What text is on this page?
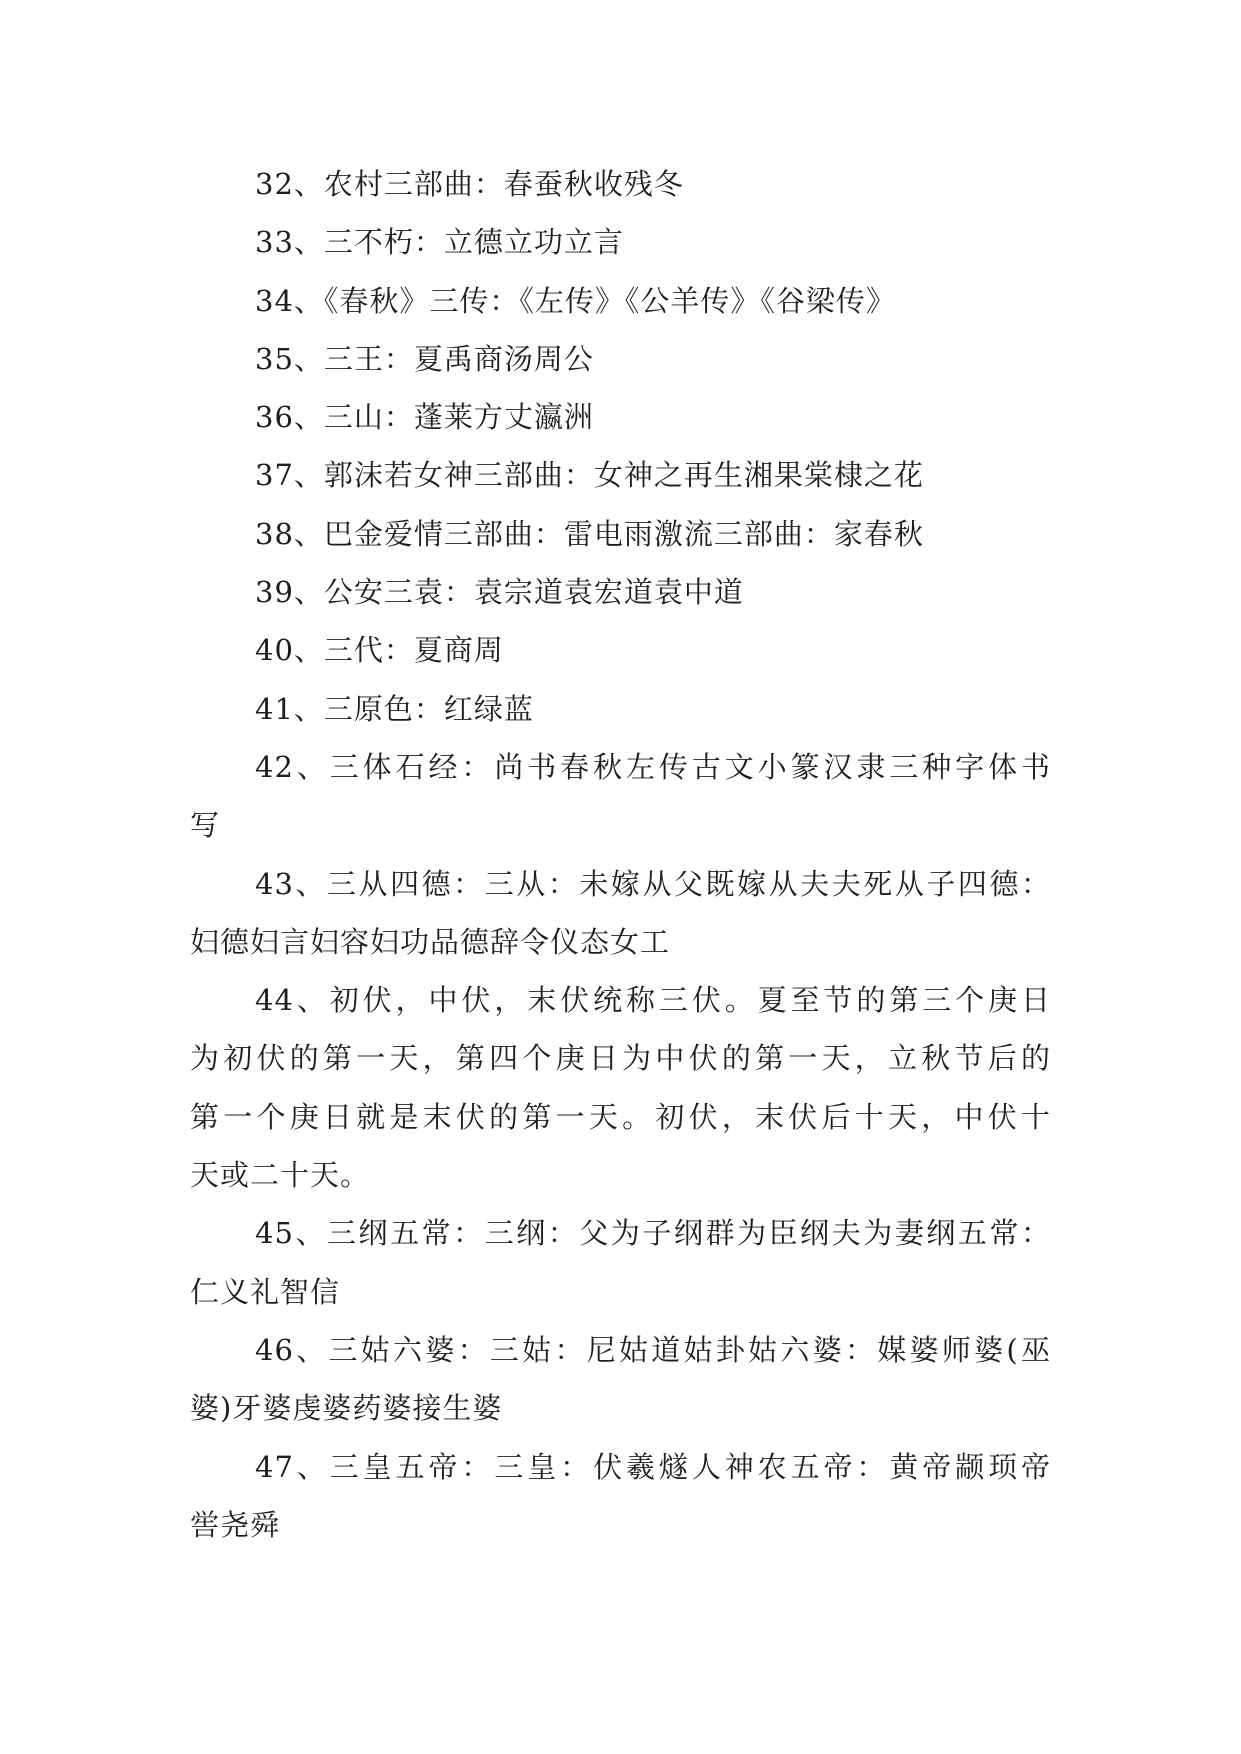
32、农村三部曲：春蚕秋收残冬
33、三不朽：立德立功立言
34、《春秋》三传：《左传》《公羊传》《谷梁传》
35、三王：夏禹商汤周公
36、三山：蓬莱方丈瀛洲
37、郭沫若女神三部曲：女神之再生湘果棠棣之花
38、巴金爱情三部曲：雷电雨激流三部曲：家春秋
39、公安三袁：袁宗道袁宏道袁中道
40、三代：夏商周
41、三原色：红绿蓝
42、三体石经：尚书春秋左传古文小篆汉隶三种字体书
写
43、三从四德：三从：未嫁从父既嫁从夫夫死从子四德：
妇德妇言妇容妇功品德辞令仪态女工
44、初伏，中伏，末伏统称三伏。夏至节的第三个庚日
为初伏的第一天，第四个庚日为中伏的第一天，立秋节后的
第一个庚日就是末伏的第一天。初伏，末伏后十天，中伏十
天或二十天。
45、三纲五常：三纲：父为子纲群为臣纲夫为妻纲五常：
仁义礼智信
46、三姑六婆：三姑：尼姑道姑卦姑六婆：媒婆师婆(巫
婆)牙婆虔婆药婆接生婆
47、三皇五帝：三皇：伏羲燧人神农五帝：黄帝颛顼帝
喾尧舜
